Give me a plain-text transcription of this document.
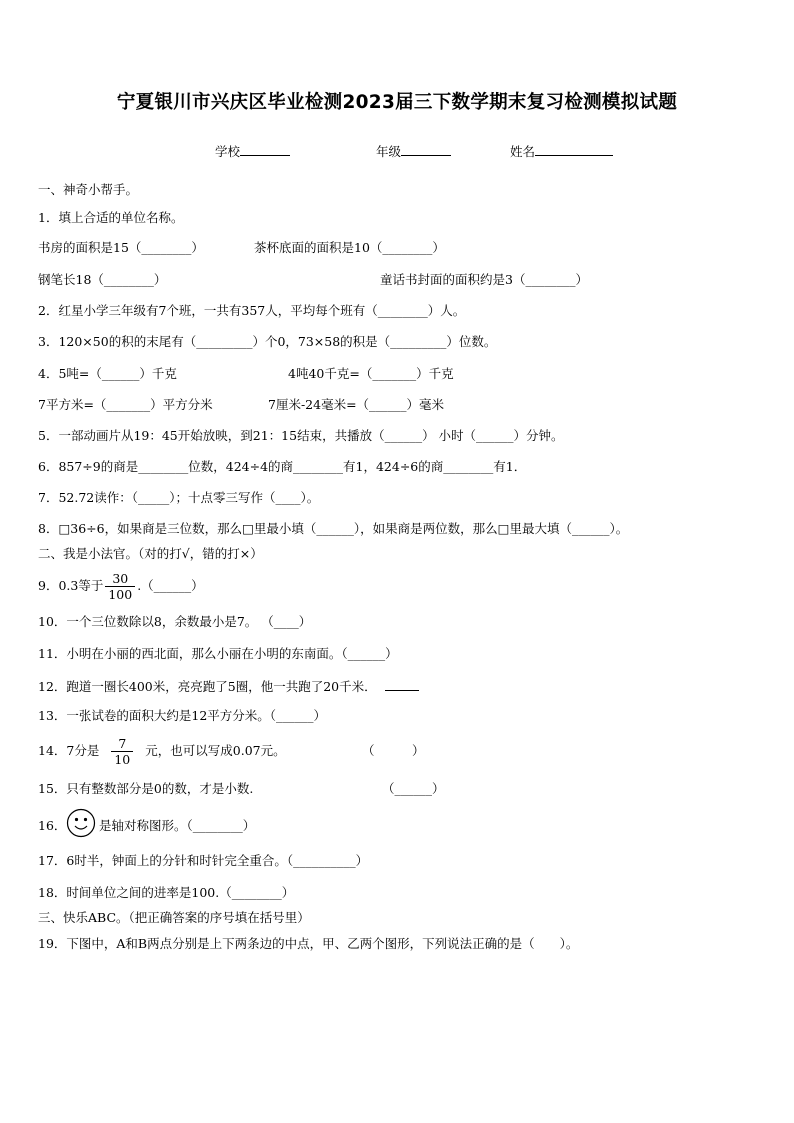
宁夏银川市兴庆区毕业检测2023届三下数学期末复习检测模拟试题
学校	年级	姓名
一、神奇小帮手。
1．填上合适的单位名称。
书房的面积是15（________）	茶杯底面的面积是10（________）
钢笔长18（________）	童话书封面的面积约是3（________）
2．红星小学三年级有7个班，一共有357人，平均每个班有（________）人。
3．120×50的积的末尾有（_________）个0，73×58的积是（_________）位数。
4．5吨=（______）千克	4吨40千克=（_______）千克
7平方米=（_______）平方分米	7厘米-24毫米=（______）毫米
5．一部动画片从19：45开始放映，到21：15结束，共播放（______） 小时（______）分钟。
6．857÷9的商是________位数，424÷4的商________有1，424÷6的商________有1．
7．52.72读作：（_____）；十点零三写作（____）。
8．□36÷6，如果商是三位数，那么□里最小填（______），如果商是两位数，那么□里最大填（______）。
二、我是小法官。（对的打√，错的打×）
9．0.3等于 $\frac{30}{100}$ .（______）
10．一个三位数除以8，余数最小是7。 （____）
11．小明在小丽的西北面，那么小丽在小明的东南面。（______）
12．跑道一圈长400米，亮亮跑了5圈，他一共跑了20千米．
13．一张试卷的面积大约是12平方分米。（______）
14．7分是 $\frac{7}{10}$ 元，也可以写成0.07元。	（　　　）
15．只有整数部分是0的数，才是小数.	（______）
16．	是轴对称图形。（________）
17．6时半，钟面上的分针和时针完全重合。（__________）
18．时间单位之间的进率是100.（________）
三、快乐ABC。（把正确答案的序号填在括号里）
19．下图中，A和B两点分别是上下两条边的中点，甲、乙两个图形，下列说法正确的是（　　）。
